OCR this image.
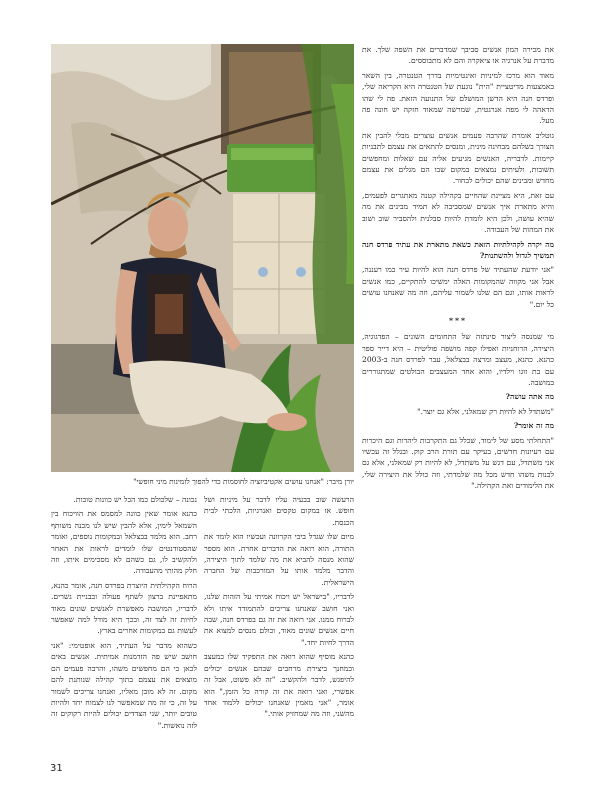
יורן מיבר: "אנחנו עושים אקטיביזציה לחוסמות כדי להפוך לזמינות מיני חופשי"

את מכירה המון אנשים סביבך שמדברים את השפה שלך. את מדברת על אנרגיה או ציאקרה והם לא מתבוססים.

מאוד הוא מרכז למיניות ואינטימיות בדרך הטנטרה, בין השאר באמצעות מדיטציית "הית" נוגעת של הטנטרה היא הקריאה שלי, ופרדס חנה היא הדשן המושלם של התנועה הזאת. פה לי שהו הדאהה לי מפה אנרגטית, שמרשה שמאוד חזקה יש חונה פה מעל.

גוטליב אומרת שהרבה פעמים אנשים עוצרים מבלי להבין את הצורך בשלהם מבחינה מינית, ומנסים להתאים את עצמם לתבניות קיימות. לדבריה, האנשים מגיעים אליה עם שאלות ומחפשים תשובות, ולעיתים נמצאים במקום שבו הם מגלים את עצמם מחדש ומבינים שהם יכולים לבחור.

עם זאת, היא מציינת שהחיים בקהילה קטנה מאתגרים לפעמים, והיא מתארת איך אנשים שמסביבה לא תמיד מבינים את מה שהיא עושה, ולכן היא לומדת להיות סבלנית ולהסביר שוב ושוב את המהות של העבודה.

מה יקרה לקהילתיות הזאת כשאת מתארת את עתיד פרדס חנה תמשיך לגדול ולהשתנות?

"אני יודעת שהעתיד של פרדס חנה הוא להיות עיר כמו רעננה, אבל אני מקווה שהמקומות האלה ימשיכו להתקיים, כמו אנשים לראות אותו, וגם הם שלנו לשמור עליהם, וזה מה שאנחנו עושים כל יום."

***

מי שמנסה ליצור סינתזה של התחומים השונים – הפדגוגיה, היצירה, הרוחניות ואפילו קפה מושפה פוליטית – היא דייר ספר כהנא. כהנא, מעצב ומרצה בבצלאל, עבר לפרדס חנה ב-2003 עם בת זוגו וילדיו, והוא אחד המעצבים הבולטים שמתגוררים במושבה.

מה אתה עושה?

"משתדל לא להיות רק שמאלני, אלא גם יוצר."

מה זה אומר?

"התחלתי מסע של לימוד, שכלל גם התקרבות ליהדות וגם היכרות עם רעיונות חדשים, בעיקר עם תורת הרב קוק. ובגלל זה עכשיו אני משתדל, עם דגש על משתדל, לא להיות רק שמאלני, אלא גם לבנות משהו חדש מכל מה שלמדתי, וזה כולל את היצירה שלי, את הלימודים ואת הקהילה."

הרעשה שוב בבעיה עליו לדבר על מיניות ושל חופש. אז במקום טקסים ואנרגיות, הלכתי לבית הכנסת.

מיום שלו שגדל ביבי הקרוונה ועכשיו הוא לומד את התורה, הוא רואה את הדברים אחרת. הוא מספר שהוא מנסה להביא את מה שלמד לתוך היצירה, והדבר מלמד אותו על המורכבות של החברה הישראלית.

לדבריו, "בישראל יש ויכוח אמיתי על הזהות שלנו, ואני חושב שאנחנו צריכים להתמודד איתו ולא לברוח ממנו. אני רואה את זה גם בפרדס חנה, שבה חיים אנשים שונים מאוד, וכולם מנסים למצוא את הדרך לחיות יחד."

כהנא מוסיף שהוא רואה את התפקיד שלו כמעצב וכמחנך ביצירת מרחבים שבהם אנשים יכולים להיפגש, לדבר ולהקשיב. "זה לא פשוט, אבל זה אפשרי, ואני רואה את זה קורה כל הזמן," הוא אומר, "אני מאמין שאנחנו יכולים ללמוד אחד מהשני, וזה מה שמחזיק אותי."

נכונה – שלכולם כמו הכל יש כוונות טובות.

כהנא אומר שאין כוונה למסמס את הוויכוח בין השמאל לימין, אלא להבין שיש לנו מכנה משותף רחב. הוא מלמד בבצלאל ובמקומות נוספים, ואומר שהסטודנטים שלו לומדים לראות את האחר ולהקשיב לו, גם כשהם לא מסכימים איתו, וזה חלק מהותי מהעבודה.

הרוח הקהילתית היוצרת בפרדס חנה, אומר כהנא, מתאפיינת ברצון לשתף פעולה ובבניית גשרים. לדבריו, המושבה מאפשרת לאנשים שונים מאוד לחיות זה לצד זה, ובכך היא מודל למה שאפשר לעשות גם במקומות אחרים בארץ.

כשהוא מדבר על העתיד, הוא אופטימי: "אני חושב שיש פה הזדמנות אמיתית. אנשים באים לכאן כי הם מחפשים משהו, והרבה פעמים הם מוצאים את עצמם בתוך קהילה שנותנת להם מקום. זה לא מובן מאליו, ואנחנו צריכים לשמור על זה, כי זה מה שמאפשר לנו לצמוח יחד ולהיות טובים יותר, שני הצדדים יכולים להיות רקוקים זה לזה נואשות."

31
